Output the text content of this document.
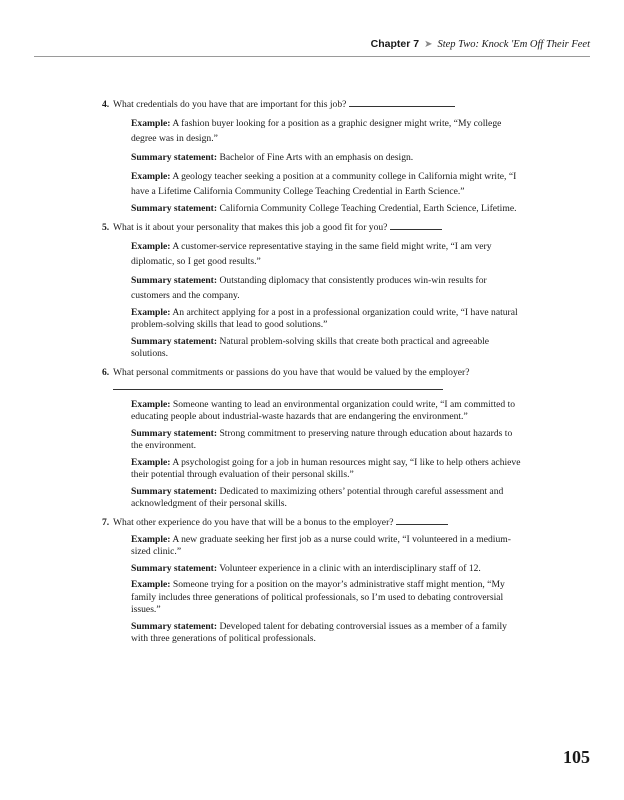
Chapter 7 ➤ Step Two: Knock 'Em Off Their Feet
4. What credentials do you have that are important for this job?
Example: A fashion buyer looking for a position as a graphic designer might write, “My college degree was in design.”
Summary statement: Bachelor of Fine Arts with an emphasis on design.
Example: A geology teacher seeking a position at a community college in California might write, “I have a Lifetime California Community College Teaching Credential in Earth Science.”
Summary statement: California Community College Teaching Credential, Earth Science, Lifetime.
5. What is it about your personality that makes this job a good fit for you?
Example: A customer-service representative staying in the same field might write, “I am very diplomatic, so I get good results.”
Summary statement: Outstanding diplomacy that consistently produces win-win results for customers and the company.
Example: An architect applying for a post in a professional organization could write, “I have natural problem-solving skills that lead to good solutions.”
Summary statement: Natural problem-solving skills that create both practical and agreeable solutions.
6. What personal commitments or passions do you have that would be valued by the employer?
Example: Someone wanting to lead an environmental organization could write, “I am committed to educating people about industrial-waste hazards that are endangering the environment.”
Summary statement: Strong commitment to preserving nature through education about hazards to the environment.
Example: A psychologist going for a job in human resources might say, “I like to help others achieve their potential through evaluation of their personal skills.”
Summary statement: Dedicated to maximizing others’ potential through careful assessment and acknowledgment of their personal skills.
7. What other experience do you have that will be a bonus to the employer?
Example: A new graduate seeking her first job as a nurse could write, “I volunteered in a medium-sized clinic.”
Summary statement: Volunteer experience in a clinic with an interdisciplinary staff of 12.
Example: Someone trying for a position on the mayor’s administrative staff might mention, “My family includes three generations of political professionals, so I’m used to debating controversial issues.”
Summary statement: Developed talent for debating controversial issues as a member of a family with three generations of political professionals.
105
